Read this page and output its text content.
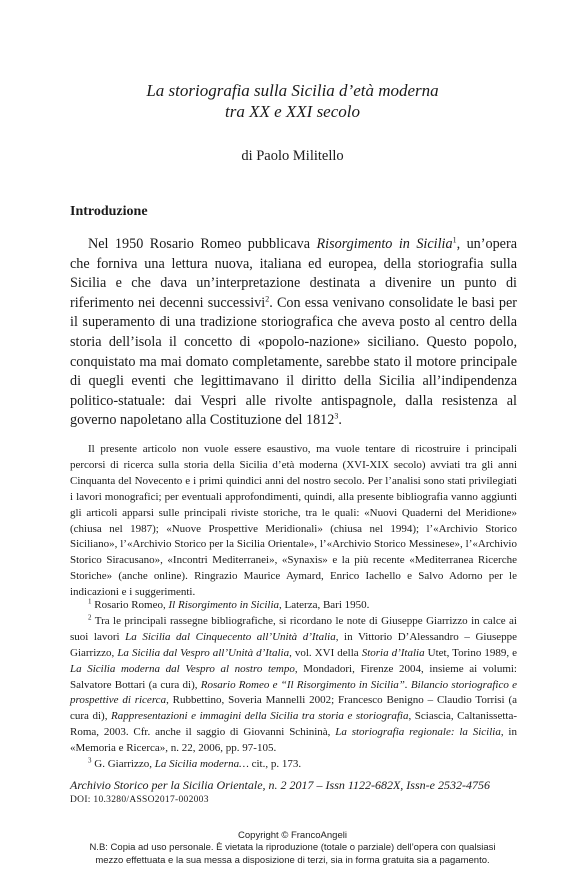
La storiografia sulla Sicilia d’età moderna
tra XX e XXI secolo
di Paolo Militello
Introduzione

Nel 1950 Rosario Romeo pubblicava Risorgimento in Sicilia$^1$, un’opera che forniva una lettura nuova, italiana ed europea, della storiografia sulla Sicilia e che dava un’interpretazione destinata a divenire un punto di riferimento nei decenni successivi$^2$. Con essa venivano consolidate le basi per il superamento di una tradizione storiografica che aveva posto al centro della storia dell’isola il concetto di «popolo-nazione» siciliano. Questo popolo, conquistato ma mai domato completamente, sarebbe stato il motore principale di quegli eventi che legittimavano il diritto della Sicilia all’indipendenza politico-statuale: dai Vespri alle rivolte antispagnole, dalla resistenza al governo napoletano alla Costituzione del 1812$^3$.

Il presente articolo non vuole essere esaustivo, ma vuole tentare di ricostruire i principali percorsi di ricerca sulla storia della Sicilia d’età moderna (XVI-XIX secolo) avviati tra gli anni Cinquanta del Novecento e i primi quindici anni del nostro secolo. Per l’analisi sono stati privilegiati i lavori monografici; per eventuali approfondimenti, quindi, alla presente bibliografia vanno aggiunti gli articoli apparsi sulle principali riviste storiche, tra le quali: «Nuovi Quaderni del Meridione» (chiusa nel 1987); «Nuove Prospettive Meridionali» (chiusa nel 1994); l’«Archivio Storico Siciliano», l’«Archivio Storico per la Sicilia Orientale», l’«Archivio Storico Messinese», l’«Archivio Storico Siracusano», «Incontri Mediterranei», «Synaxis» e la più recente «Mediterranea Ricerche Storiche» (anche online). Ringrazio Maurice Aymard, Enrico Iachello e Salvo Adorno per le indicazioni e i suggerimenti.

$^1$ Rosario Romeo, Il Risorgimento in Sicilia, Laterza, Bari 1950.

$^2$ Tra le principali rassegne bibliografiche, si ricordano le note di Giuseppe Giarrizzo in calce ai suoi lavori La Sicilia dal Cinquecento all’Unità d’Italia, in Vittorio D’Alessandro – Giuseppe Giarrizzo, La Sicilia dal Vespro all’Unità d’Italia, vol. XVI della Storia d’Italia Utet, Torino 1989, e La Sicilia moderna dal Vespro al nostro tempo, Mondadori, Firenze 2004, insieme ai volumi: Salvatore Bottari (a cura di), Rosario Romeo e “Il Risorgimento in Sicilia”. Bilancio storiografico e prospettive di ricerca, Rubbettino, Soveria Mannelli 2002; Francesco Benigno – Claudio Torrisi (a cura di), Rappresentazioni e immagini della Sicilia tra storia e storiografia, Sciascia, Caltanissetta-Roma, 2003. Cfr. anche il saggio di Giovanni Schininà, La storiografia regionale: la Sicilia, in «Memoria e Ricerca», n. 22, 2006, pp. 97-105.

$^3$ G. Giarrizzo, La Sicilia moderna… cit., p. 173.

Archivio Storico per la Sicilia Orientale, n. 2 2017 – Issn 1122-682X, Issn-e 2532-4756
DOI: 10.3280/ASSO2017-002003
Copyright © FrancoAngeli
N.B: Copia ad uso personale. È vietata la riproduzione (totale o parziale) dell’opera con qualsiasi
mezzo effettuata e la sua messa a disposizione di terzi, sia in forma gratuita sia a pagamento.
